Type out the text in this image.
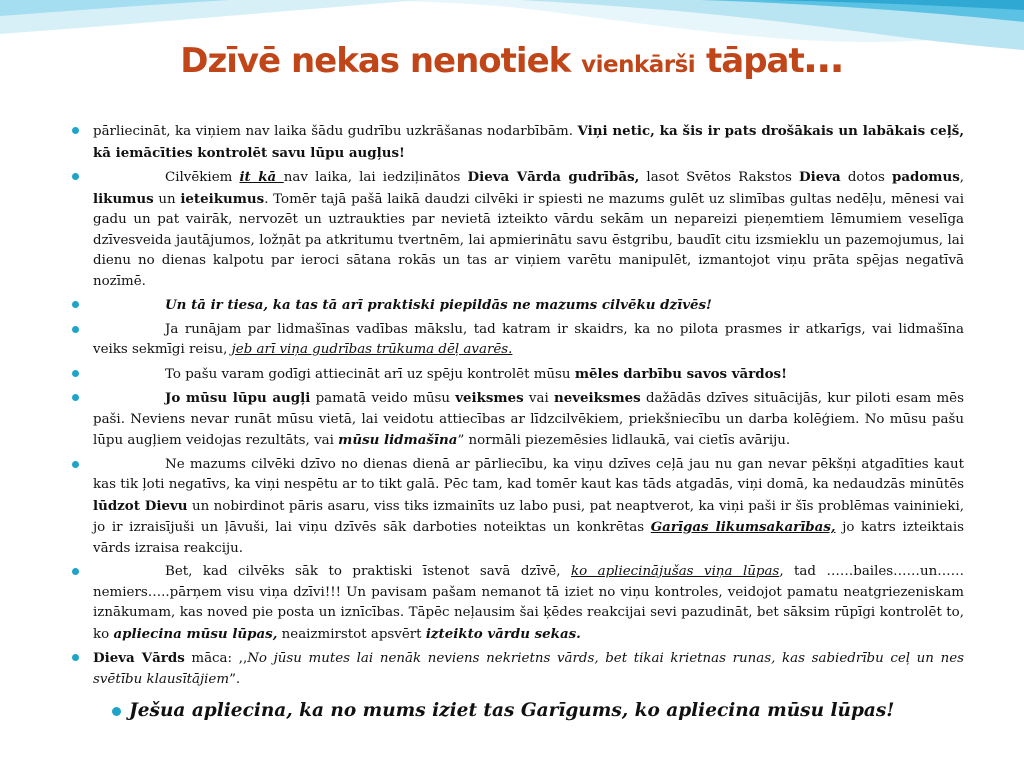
Dzīvē nekas nenotiek vienkārši tāpat…
pārliecināt, ka viņiem nav laika šādu gudrību uzkrāšanas nodarbībām. Viņi netic, ka šis ir pats drošākais un labākais ceļš, kā iemācīties kontrolēt savu lūpu augļus!
Cilvēkiem it kā nav laika, lai iedziļinātos Dieva Vārda gudrībās, lasot Svētos Rakstos Dieva dotos padomus, likumus un ieteikumus. Tomēr tajā pašā laikā daudzi cilvēki ir spiesti ne mazums gulēt uz slimības gultas nedēļu, mēnesi vai gadu un pat vairāk, nervozēt un uztraukties par nevietā izteikto vārdu sekām un nepareizi pieņemtiem lēmumiem veselīga dzīvesveida jautājumos, ložņāt pa atkritumu tvertnēm, lai apmierinātu savu ēstgribu, baudīt citu izsmieklu un pazemojumus, lai dienu no dienas kalpotu par ieroci sātana rokās un tas ar viņiem varētu manipulēt, izmantojot viņu prāta spējas negatīvā nozīmē.
Un tā ir tiesa, ka tas tā arī praktiski piepildās ne mazums cilvēku dzīvēs!
Ja runājam par lidmašīnas vadības mākslu, tad katram ir skaidrs, ka no pilota prasmes ir atkarīgs, vai lidmašīna veiks sekmīgi reisu, jeb arī viņa gudrības trūkuma dēļ avarēs.
To pašu varam godīgi attiecināt arī uz spēju kontrolēt mūsu mēles darbību savos vārdos!
Jo mūsu lūpu augļi pamatā veido mūsu veiksmes vai neveiksmes dažādās dzīves situācijās, kur piloti esam mēs paši. Neviens nevar runāt mūsu vietā, lai veidotu attiecības ar līdzcilvēkiem, priekšniecību un darba kolēģiem. No mūsu pašu lūpu augļiem veidojas rezultāts, vai mūsu lidmašīna” normāli piezemēsies lidlaukā, vai cietīs avāriju.
Ne mazums cilvēki dzīvo no dienas dienā ar pārliecību, ka viņu dzīves ceļā jau nu gan nevar pēkšņi atgadīties kaut kas tik ļoti negatīvs, ka viņi nespētu ar to tikt galā. Pēc tam, kad tomēr kaut kas tāds atgadās, viņi domā, ka nedaudzās minūtēs lūdzot Dievu un nobirdinot pāris asaru, viss tiks izmainīts uz labo pusi, pat neaptverot, ka viņi paši ir šīs problēmas vaininieki, jo ir izraisījuši un ļāvuši, lai viņu dzīvēs sāk darboties noteiktas un konkrētas Garīgas likumsakarības, jo katrs izteiktais vārds izraisa reakciju.
Bet, kad cilvēks sāk to praktiski īstenot savā dzīvē, ko apliecinājušas viņa lūpas, tad ……bailes……un……nemiers…..pārņem visu viņa dzīvi!!! Un pavisam pašam nemanot tā iziet no viņu kontroles, veidojot pamatu neatgriezeniskam iznākumam, kas noved pie posta un iznīcības. Tāpēc neļausim šai ķēdes reakcijai sevi pazudināt, bet sāksim rūpīgi kontrolēt to, ko apliecina mūsu lūpas, neaizmirstot apsvērt izteikto vārdu sekas.
Dieva Vārds māca: ,,No jūsu mutes lai nenāk neviens nekrietns vārds, bet tikai krietnas runas, kas sabiedrību ceļ un nes svētību klausītājiem”.
Ješua apliecina, ka no mums iziet tas Garīgums, ko apliecina mūsu lūpas!
